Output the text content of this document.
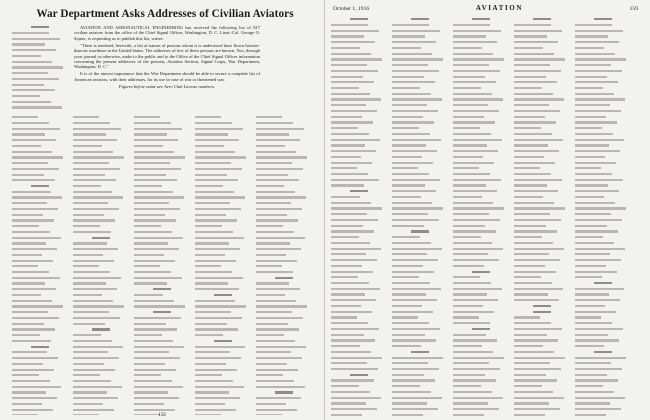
War Department Asks Addresses of Civilian Aviators

AVIATION AND AERONAUTICAL ENGINEERING has received the following list of 817 civilian aviators from the office of the Chief Signal Officer, Washington, D. C. Lieut.-Col. George O. Squier, is requesting us to publish this list, writes:

"There is tendered, herewith, a list of names of persons whom it is understood have flown heavier-than-air machines in the United States. The addresses of few of these persons are known. You, through your journal or otherwise, make to the public and to the Office of the Chief Signal Officer information concerning the present addresses of the persons, Aviation Section, Signal Corps, War Department, Washington, D. C."

It is of the utmost importance that the War Department should be able to secure a complete list of American aviators, with their addresses, for its use in case of war or threatened war.

Figures before name are Aero Club License numbers.

158
October 1, 1916	AVIATION	159
